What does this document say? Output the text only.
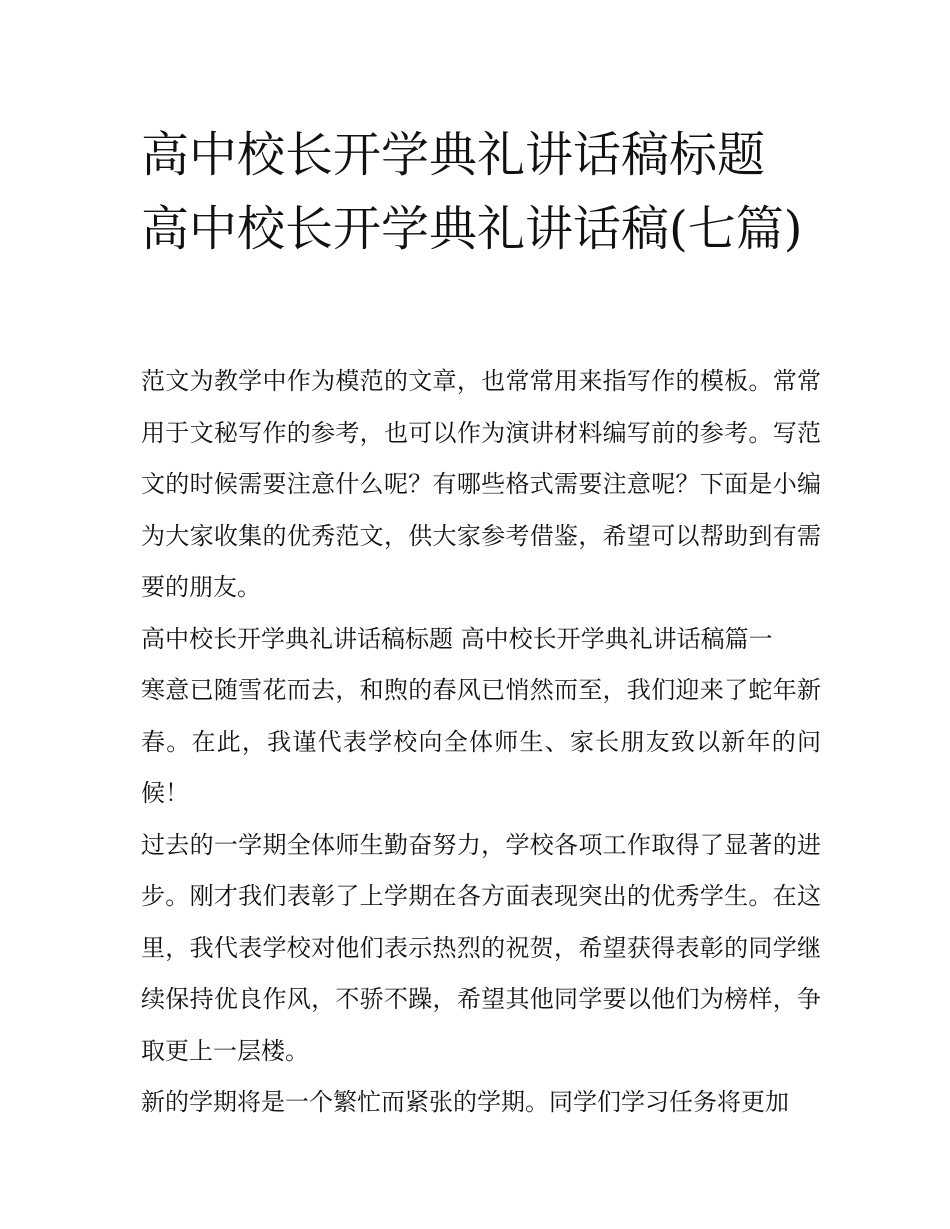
高中校长开学典礼讲话稿标题 高中校长开学典礼讲话稿(七篇)

范文为教学中作为模范的文章，也常常用来指写作的模板。常常用于文秘写作的参考，也可以作为演讲材料编写前的参考。写范文的时候需要注意什么呢？有哪些格式需要注意呢？下面是小编为大家收集的优秀范文，供大家参考借鉴，希望可以帮助到有需要的朋友。

高中校长开学典礼讲话稿标题 高中校长开学典礼讲话稿篇一

寒意已随雪花而去，和煦的春风已悄然而至，我们迎来了蛇年新春。在此，我谨代表学校向全体师生、家长朋友致以新年的问候！

过去的一学期全体师生勤奋努力，学校各项工作取得了显著的进步。刚才我们表彰了上学期在各方面表现突出的优秀学生。在这里，我代表学校对他们表示热烈的祝贺，希望获得表彰的同学继续保持优良作风，不骄不躁，希望其他同学要以他们为榜样，争取更上一层楼。

新的学期将是一个繁忙而紧张的学期。同学们学习任务将更加
